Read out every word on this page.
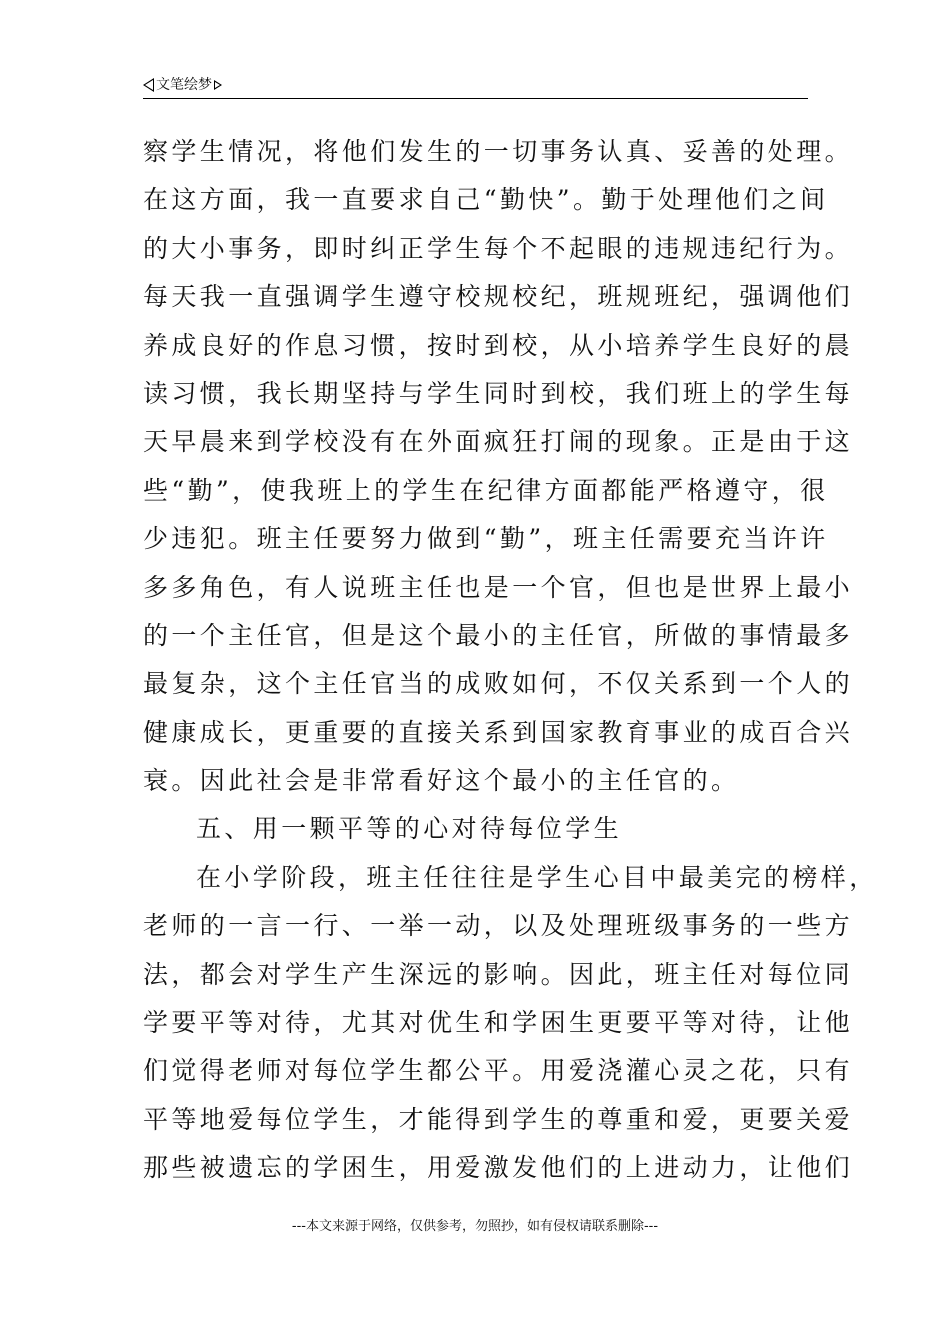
文笔绘梦
察学生情况，将他们发生的一切事务认真、妥善的处理。
在这方面，我一直要求自己“勤快”。勤于处理他们之间
的大小事务，即时纠正学生每个不起眼的违规违纪行为。
每天我一直强调学生遵守校规校纪，班规班纪，强调他们
养成良好的作息习惯，按时到校，从小培养学生良好的晨
读习惯，我长期坚持与学生同时到校，我们班上的学生每
天早晨来到学校没有在外面疯狂打闹的现象。正是由于这
些“勤”，使我班上的学生在纪律方面都能严格遵守，很
少违犯。班主任要努力做到“勤”，班主任需要充当许许
多多角色，有人说班主任也是一个官，但也是世界上最小
的一个主任官，但是这个最小的主任官，所做的事情最多
最复杂，这个主任官当的成败如何，不仅关系到一个人的
健康成长，更重要的直接关系到国家教育事业的成百合兴
衰。因此社会是非常看好这个最小的主任官的。
五、用一颗平等的心对待每位学生
在小学阶段，班主任往往是学生心目中最美完的榜样，
老师的一言一行、一举一动，以及处理班级事务的一些方
法，都会对学生产生深远的影响。因此，班主任对每位同
学要平等对待，尤其对优生和学困生更要平等对待，让他
们觉得老师对每位学生都公平。用爱浇灌心灵之花，只有
平等地爱每位学生，才能得到学生的尊重和爱，更要关爱
那些被遗忘的学困生，用爱激发他们的上进动力，让他们
---本文来源于网络，仅供参考，勿照抄，如有侵权请联系删除---
